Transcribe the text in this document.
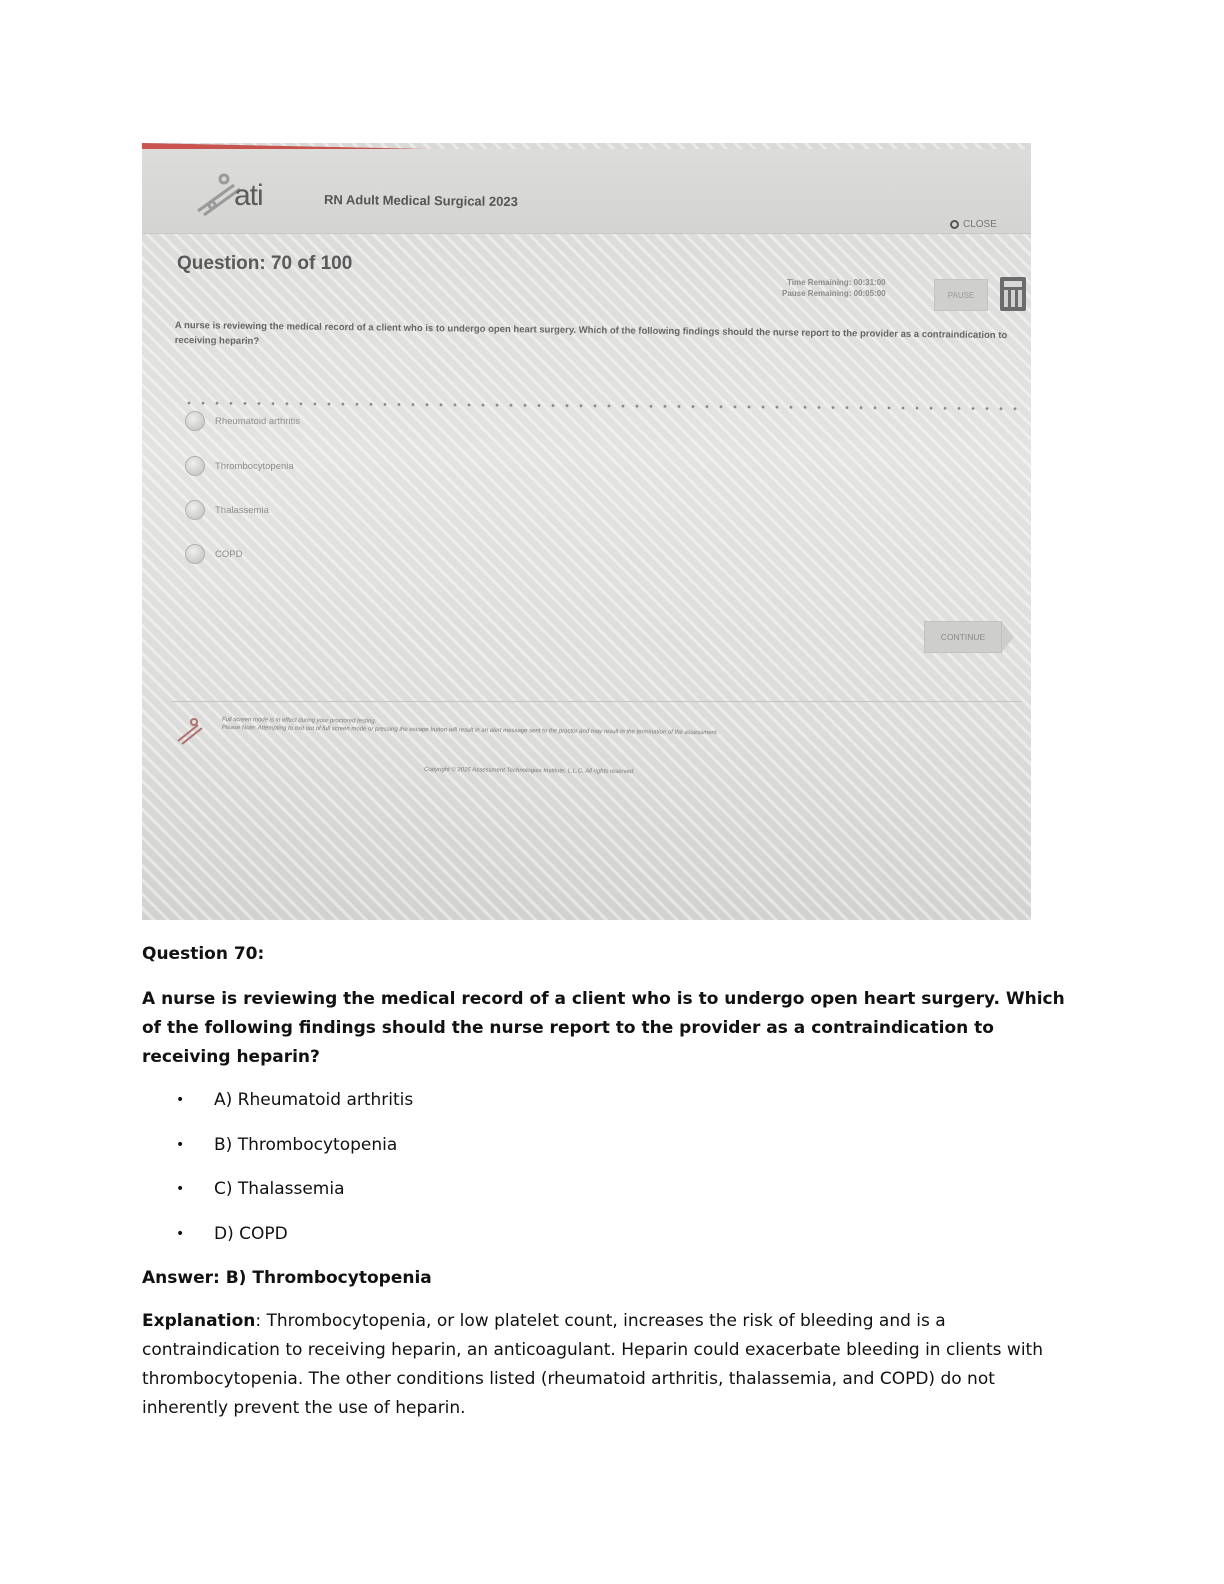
ati	RN Adult Medical Surgical 2023
CLOSE
Question: 70 of 100
Time Remaining: 00:31:00
Pause Remaining: 00:05:00	PAUSE
A nurse is reviewing the medical record of a client who is to undergo open heart surgery. Which of the following findings should the nurse report to the provider as a contraindication to receiving heparin?
Rheumatoid arthritis
Thrombocytopenia
Thalassemia
COPD
CONTINUE
Full screen mode is in effect during your proctored testing.
Please Note: Attempting to exit out of full screen mode or pressing the escape button will result in an alert message sent to the proctor and may result in the termination of the assessment.
Copyright © 2025 Assessment Technologies Institute, L.L.C. All rights reserved.

Question 70:

A nurse is reviewing the medical record of a client who is to undergo open heart surgery. Which of the following findings should the nurse report to the provider as a contraindication to receiving heparin?

•	A) Rheumatoid arthritis
•	B) Thrombocytopenia
•	C) Thalassemia
•	D) COPD

Answer: B) Thrombocytopenia

Explanation: Thrombocytopenia, or low platelet count, increases the risk of bleeding and is a contraindication to receiving heparin, an anticoagulant. Heparin could exacerbate bleeding in clients with thrombocytopenia. The other conditions listed (rheumatoid arthritis, thalassemia, and COPD) do not inherently prevent the use of heparin.
